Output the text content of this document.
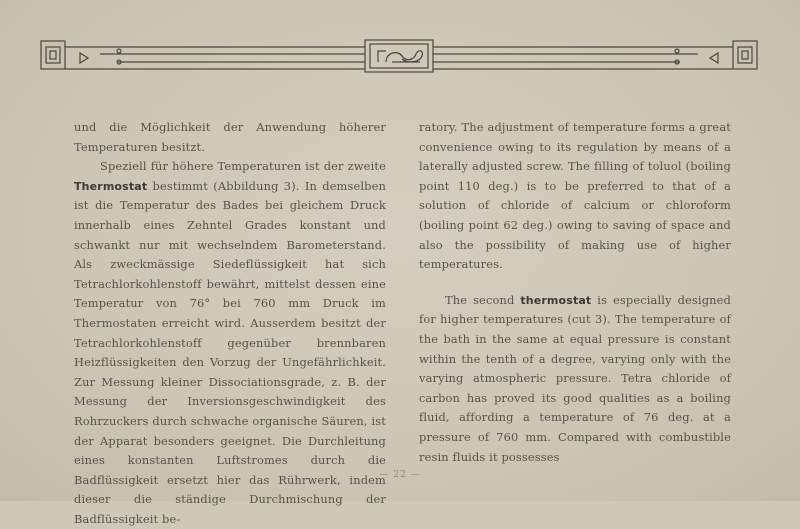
und die Möglichkeit der Anwendung höherer Temperaturen besitzt.

Speziell für höhere Temperaturen ist der zweite Thermostat bestimmt (Abbildung 3). In demselben ist die Temperatur des Bades bei gleichem Druck innerhalb eines Zehntel Grades konstant und schwankt nur mit wechselndem Barometerstand. Als zweckmässige Siedeflüssigkeit hat sich Tetrachlorkohlenstoff bewährt, mittelst dessen eine Temperatur von 76° bei 760 mm Druck im Thermostaten erreicht wird. Ausserdem besitzt der Tetrachlorkohlenstoff gegenüber brennbaren Heizflüssigkeiten den Vorzug der Ungefährlichkeit. Zur Messung kleiner Dissociationsgrade, z. B. der Messung der Inversionsgeschwindigkeit des Rohrzuckers durch schwache organische Säuren, ist der Apparat besonders geeignet. Die Durchleitung eines konstanten Luftstromes durch die Badflüssigkeit ersetzt hier das Rührwerk, indem dieser die ständige Durchmischung der Badflüssigkeit be-

ratory. The adjustment of temperature forms a great convenience owing to its regulation by means of a laterally adjusted screw. The filling of toluol (boiling point 110 deg.) is to be preferred to that of a solution of chloride of calcium or chloroform (boiling point 62 deg.) owing to saving of space and also the possibility of making use of higher temperatures.

The second thermostat is especially designed for higher temperatures (cut 3). The temperature of the bath in the same at equal pressure is constant within the tenth of a degree, varying only with the varying atmospheric pressure. Tetra chloride of carbon has proved its good qualities as a boiling fluid, affording a temperature of 76 deg. at a pressure of 760 mm. Compared with combustible resin fluids it possesses

— 22 —
